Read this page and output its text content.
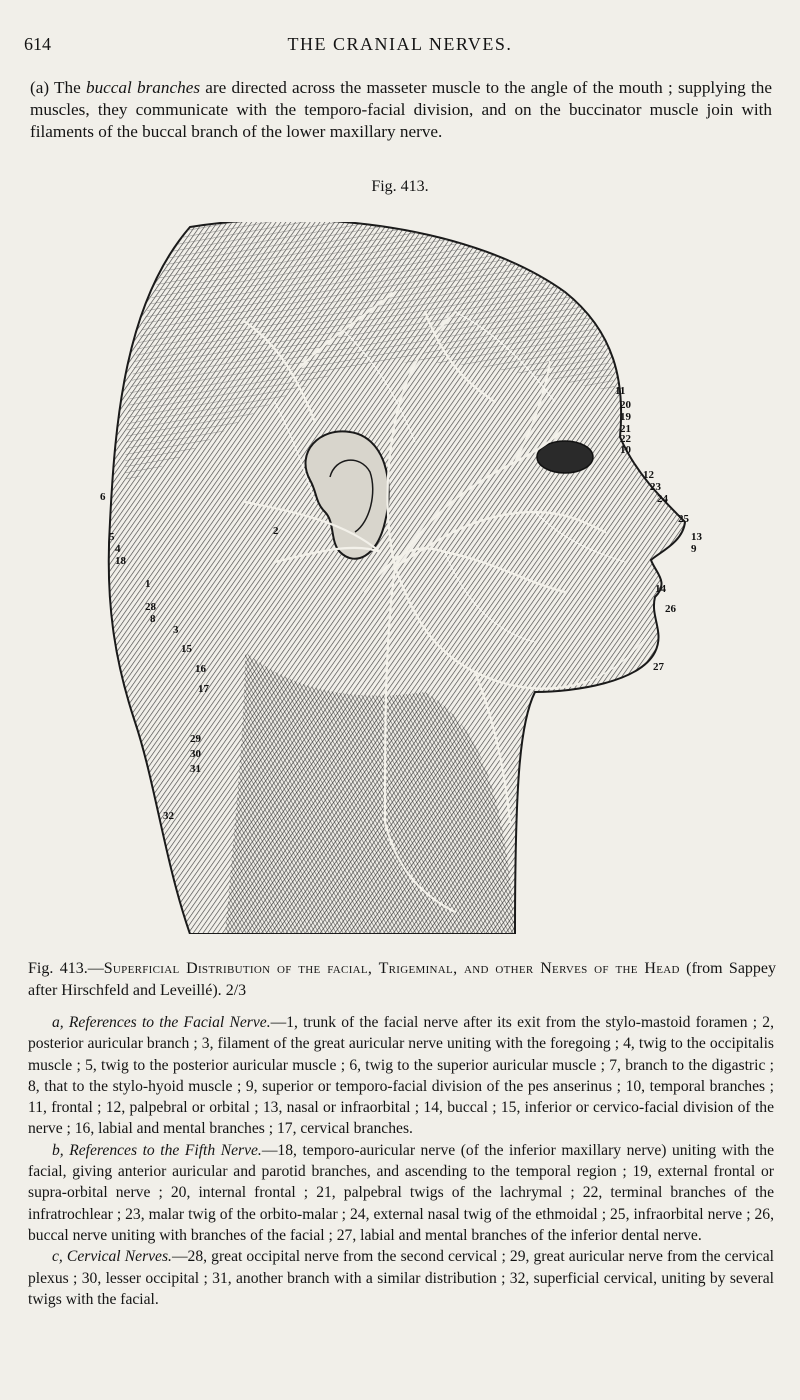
614	THE CRANIAL NERVES.

(a) The buccal branches are directed across the masseter muscle to the angle of the mouth ; supplying the muscles, they communicate with the temporo-facial division, and on the buccinator muscle join with filaments of the buccal branch of the lower maxillary nerve.

Fig. 413.
11
20
19
21
22
10
12
23
24
25
13
9
14
26
27
6
5
4
18
1
28
8
3
15
16
17
29
30
31
32
2

Fig. 413.—Superficial Distribution of the facial, Trigeminal, and other Nerves of the Head (from Sappey after Hirschfeld and Leveillé). 2/3

a, References to the Facial Nerve.—1, trunk of the facial nerve after its exit from the stylo-mastoid foramen ; 2, posterior auricular branch ; 3, filament of the great auricular nerve uniting with the foregoing ; 4, twig to the occipitalis muscle ; 5, twig to the posterior auricular muscle ; 6, twig to the superior auricular muscle ; 7, branch to the digastric ; 8, that to the stylo-hyoid muscle ; 9, superior or temporo-facial division of the pes anserinus ; 10, temporal branches ; 11, frontal ; 12, palpebral or orbital ; 13, nasal or infraorbital ; 14, buccal ; 15, inferior or cervico-facial division of the nerve ; 16, labial and mental branches ; 17, cervical branches.

b, References to the Fifth Nerve.—18, temporo-auricular nerve (of the inferior maxillary nerve) uniting with the facial, giving anterior auricular and parotid branches, and ascending to the temporal region ; 19, external frontal or supra-orbital nerve ; 20, internal frontal ; 21, palpebral twigs of the lachrymal ; 22, terminal branches of the infratrochlear ; 23, malar twig of the orbito-malar ; 24, external nasal twig of the ethmoidal ; 25, infraorbital nerve ; 26, buccal nerve uniting with branches of the facial ; 27, labial and mental branches of the inferior dental nerve.

c, Cervical Nerves.—28, great occipital nerve from the second cervical ; 29, great auricular nerve from the cervical plexus ; 30, lesser occipital ; 31, another branch with a similar distribution ; 32, superficial cervical, uniting by several twigs with the facial.
